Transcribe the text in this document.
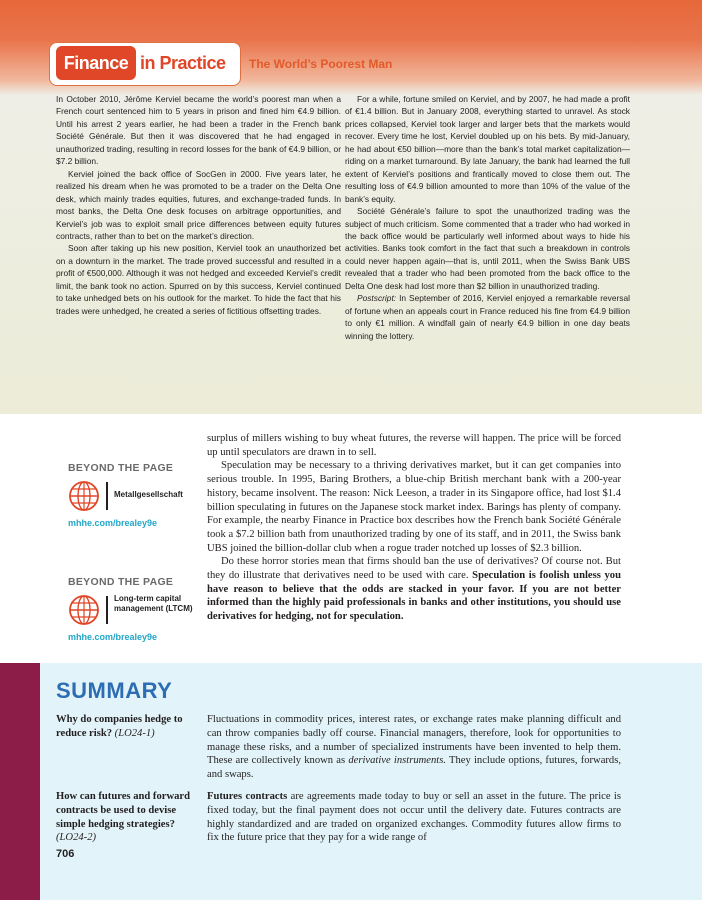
Finance in Practice	The World’s Poorest Man

In October 2010, Jérôme Kerviel became the world’s poorest man when a French court sentenced him to 5 years in prison and fined him €4.9 billion. Until his arrest 2 years earlier, he had been a trader in the French bank Société Générale. But then it was discovered that he had engaged in unauthorized trading, resulting in record losses for the bank of €4.9 billion, or $7.2 billion.

Kerviel joined the back office of SocGen in 2000. Five years later, he realized his dream when he was promoted to be a trader on the Delta One desk, which mainly trades equities, futures, and exchange-traded funds. In most banks, the Delta One desk focuses on arbitrage opportunities, and Kerviel’s job was to exploit small price differences between equity futures contracts, rather than to bet on the market’s direction.

Soon after taking up his new position, Kerviel took an unauthorized bet on a downturn in the market. The trade proved successful and resulted in a profit of €500,000. Although it was not hedged and exceeded Kerviel’s credit limit, the bank took no action. Spurred on by this success, Kerviel continued to take unhedged bets on his outlook for the market. To hide the fact that his trades were unhedged, he created a series of fictitious offsetting trades.

For a while, fortune smiled on Kerviel, and by 2007, he had made a profit of €1.4 billion. But in January 2008, everything started to unravel. As stock prices collapsed, Kerviel took larger and larger bets that the markets would recover. Every time he lost, Kerviel doubled up on his bets. By mid-January, he had about €50 billion—more than the bank’s total market capitalization—riding on a market turnaround. By late January, the bank had learned the full extent of Kerviel’s positions and frantically moved to close them out. The resulting loss of €4.9 billion amounted to more than 10% of the value of the bank’s equity.

Société Générale’s failure to spot the unauthorized trading was the subject of much criticism. Some commented that a trader who had worked in the back office would be particularly well informed about ways to hide his activities. Banks took comfort in the fact that such a breakdown in controls could never happen again—that is, until 2011, when the Swiss Bank UBS revealed that a trader who had been promoted from the back office to the Delta One desk had lost more than $2 billion in unauthorized trading.

Postscript: In September of 2016, Kerviel enjoyed a remarkable reversal of fortune when an appeals court in France reduced his fine from €4.9 billion to only €1 million. A windfall gain of nearly €4.9 billion in one day beats winning the lottery.

BEYOND THE PAGE
Metallgesellschaft
mhhe.com/brealey9e
BEYOND THE PAGE
Long-term capital management (LTCM)
mhhe.com/brealey9e

surplus of millers wishing to buy wheat futures, the reverse will happen. The price will be forced up until speculators are drawn in to sell.

Speculation may be necessary to a thriving derivatives market, but it can get companies into serious trouble. In 1995, Baring Brothers, a blue-chip British merchant bank with a 200-year history, became insolvent. The reason: Nick Leeson, a trader in its Singapore office, had lost $1.4 billion speculating in futures on the Japanese stock market index. Barings has plenty of company. For example, the nearby Finance in Practice box describes how the French bank Société Générale took a $7.2 billion bath from unauthorized trading by one of its staff, and in 2011, the Swiss bank UBS joined the billion-dollar club when a rogue trader notched up losses of $2.3 billion.

Do these horror stories mean that firms should ban the use of derivatives? Of course not. But they do illustrate that derivatives need to be used with care. Speculation is foolish unless you have reason to believe that the odds are stacked in your favor. If you are not better informed than the highly paid professionals in banks and other institutions, you should use derivatives for hedging, not for speculation.

SUMMARY
Why do companies hedge to reduce risk? (LO24-1)
Fluctuations in commodity prices, interest rates, or exchange rates make planning difficult and can throw companies badly off course. Financial managers, therefore, look for opportunities to manage these risks, and a number of specialized instruments have been invented to help them. These are collectively known as derivative instruments. They include options, futures, forwards, and swaps.
How can futures and forward contracts be used to devise simple hedging strategies? (LO24-2)
Futures contracts are agreements made today to buy or sell an asset in the future. The price is fixed today, but the final payment does not occur until the delivery date. Futures contracts are highly standardized and are traded on organized exchanges. Commodity futures allow firms to fix the future price that they pay for a wide range of
706
